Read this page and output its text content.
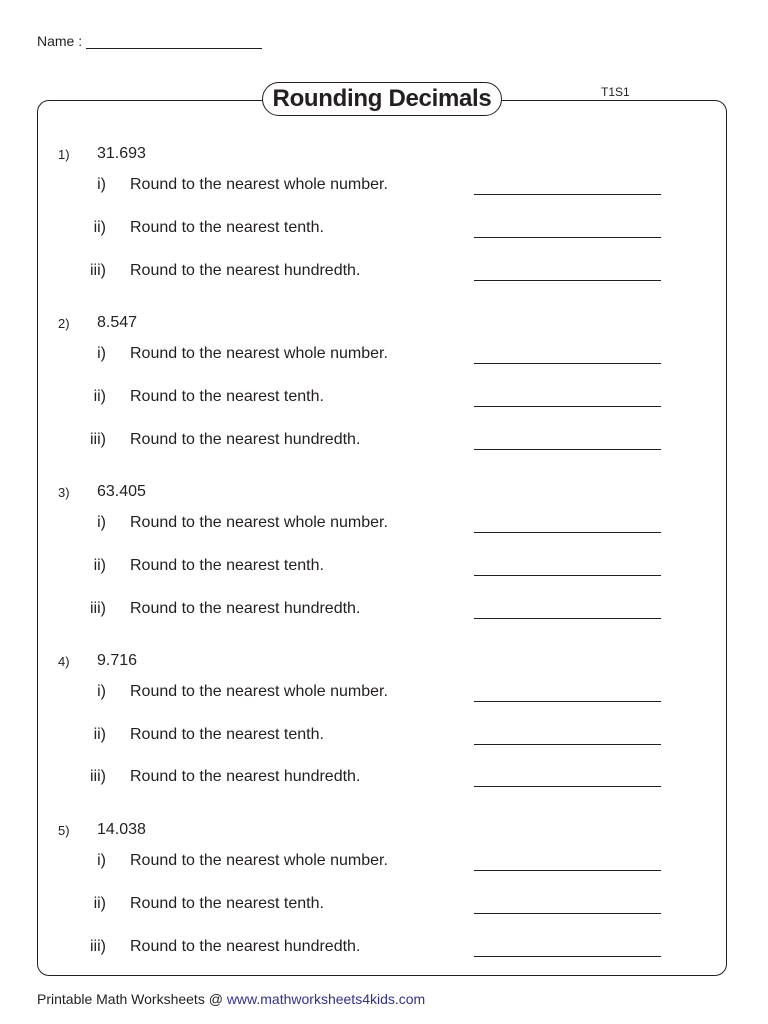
Name :
Rounding Decimals	T1S1
1) 31.693
i) Round to the nearest whole number.
ii) Round to the nearest tenth.
iii) Round to the nearest hundredth.
2) 8.547
i) Round to the nearest whole number.
ii) Round to the nearest tenth.
iii) Round to the nearest hundredth.
3) 63.405
i) Round to the nearest whole number.
ii) Round to the nearest tenth.
iii) Round to the nearest hundredth.
4) 9.716
i) Round to the nearest whole number.
ii) Round to the nearest tenth.
iii) Round to the nearest hundredth.
5) 14.038
i) Round to the nearest whole number.
ii) Round to the nearest tenth.
iii) Round to the nearest hundredth.
Printable Math Worksheets @ www.mathworksheets4kids.com
